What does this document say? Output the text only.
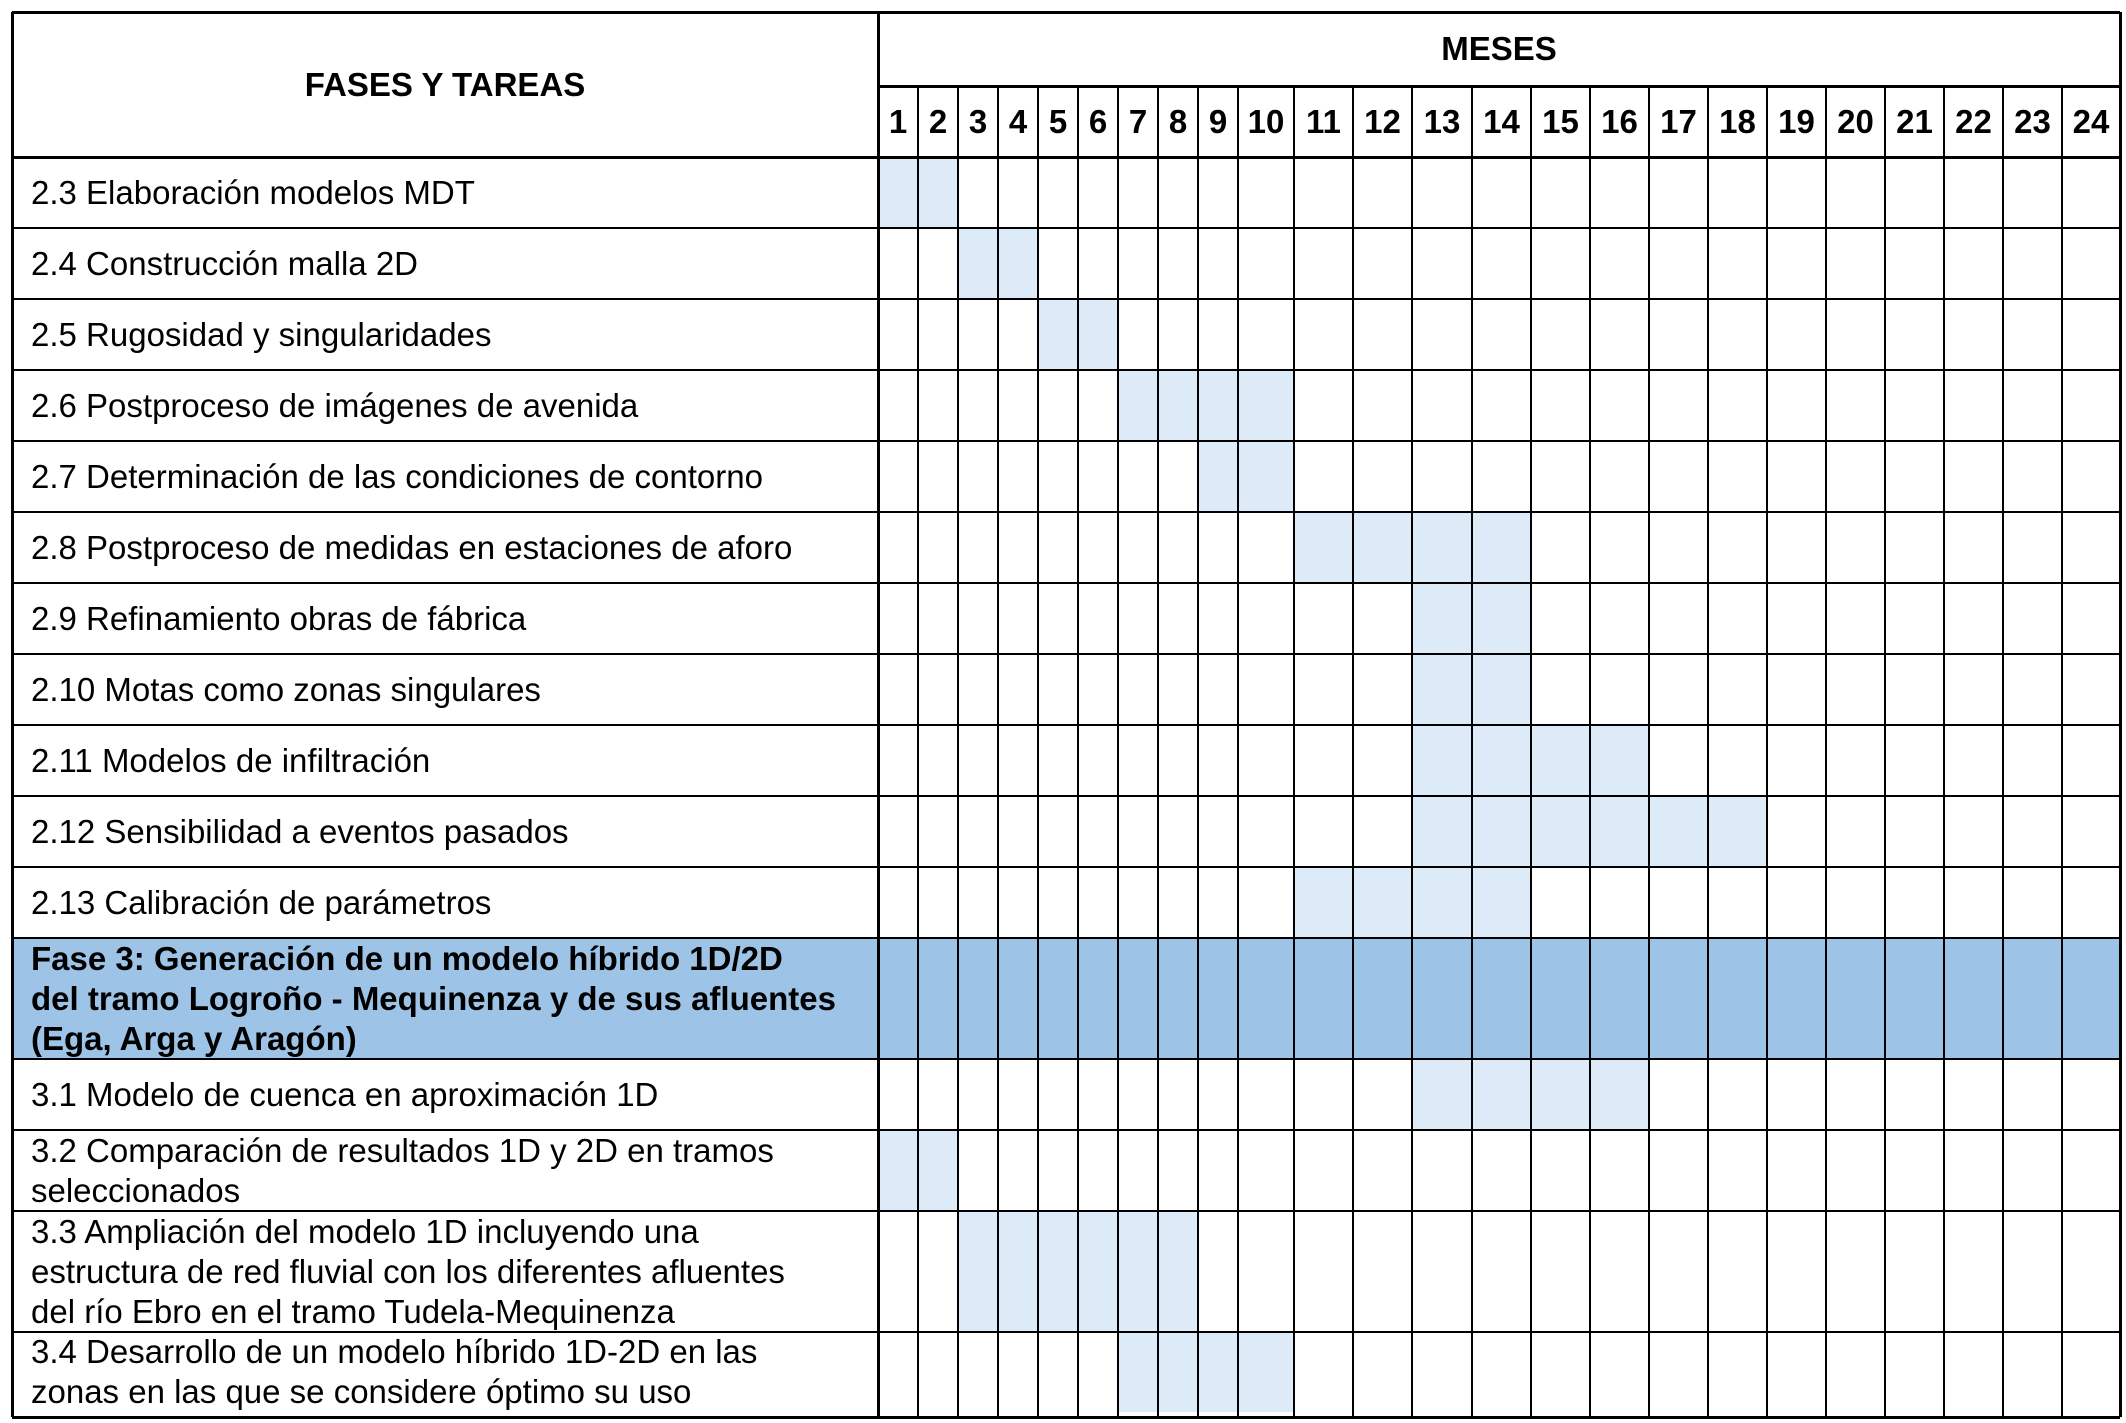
FASES Y TAREAS
MESES
1 2 3 4 5 6 7 8 9 10 11 12 13 14 15 16 17 18 19 20 21 22 23 24
2.3 Elaboración modelos MDT
2.4 Construcción malla 2D
2.5 Rugosidad y singularidades
2.6 Postproceso de imágenes de avenida
2.7 Determinación de las condiciones de contorno
2.8 Postproceso de medidas en estaciones de aforo
2.9 Refinamiento obras de fábrica
2.10 Motas como zonas singulares
2.11 Modelos de infiltración
2.12 Sensibilidad a eventos pasados
2.13 Calibración de parámetros
Fase 3: Generación de un modelo híbrido 1D/2D
del tramo Logroño - Mequinenza y de sus afluentes
(Ega, Arga y Aragón)
3.1 Modelo de cuenca en aproximación 1D
3.2 Comparación de resultados 1D y 2D en tramos
seleccionados
3.3 Ampliación del modelo 1D incluyendo una
estructura de red fluvial con los diferentes afluentes
del río Ebro en el tramo Tudela-Mequinenza
3.4 Desarrollo de un modelo híbrido 1D-2D en las
zonas en las que se considere óptimo su uso
